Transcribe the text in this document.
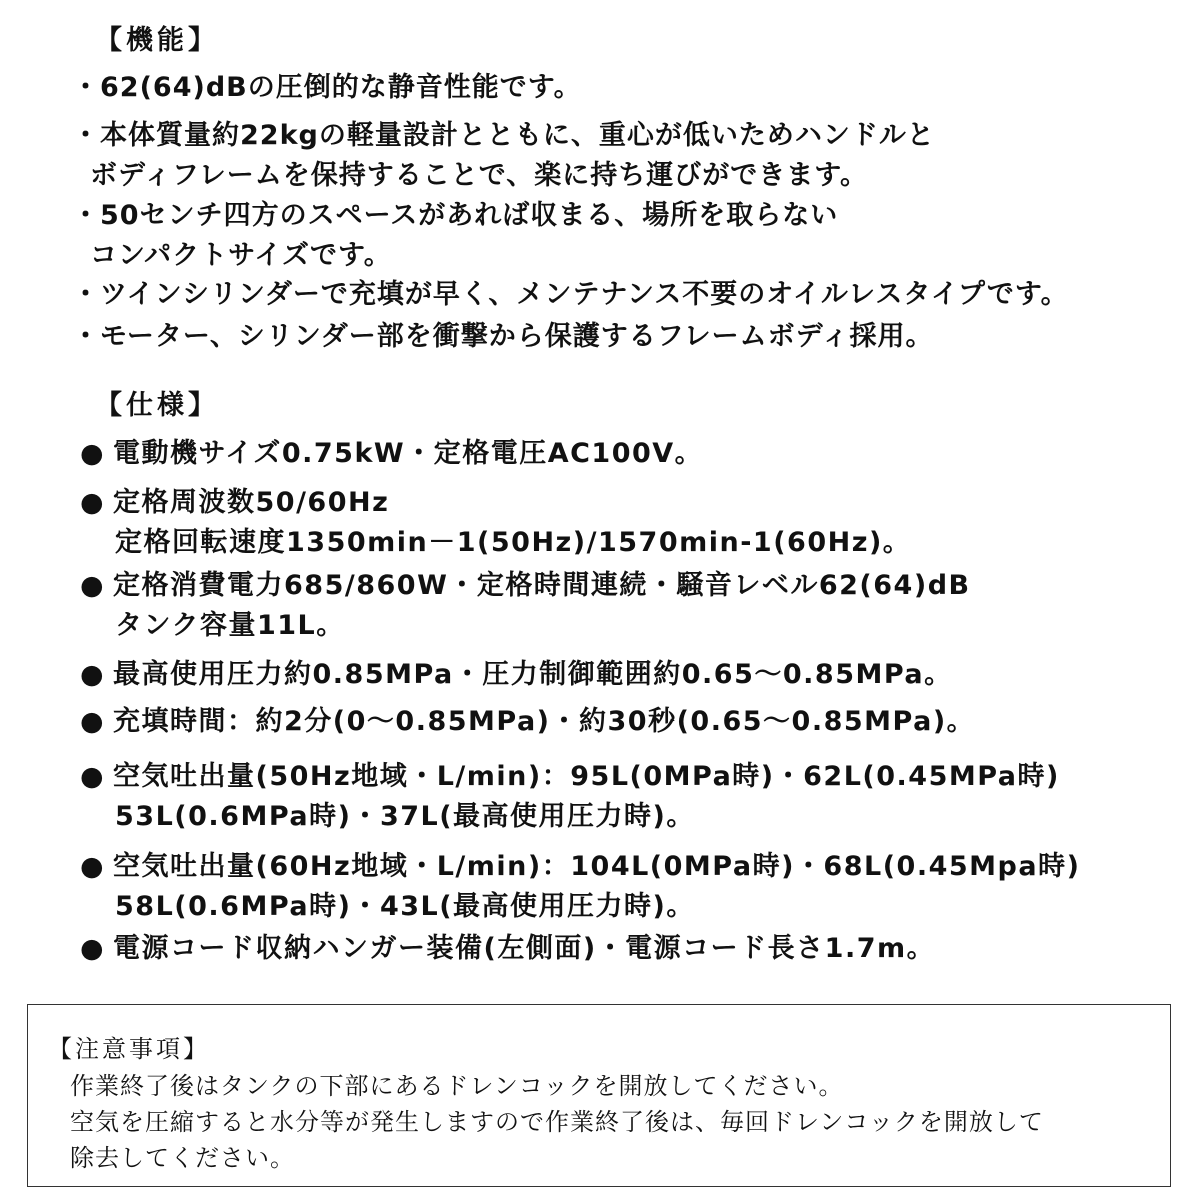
【機能】
・62(64)dBの圧倒的な静音性能です。
・本体質量約22kgの軽量設計とともに、重心が低いためハンドルと
ボディフレームを保持することで、楽に持ち運びができます。
・50センチ四方のスペースがあれば収まる、場所を取らない
コンパクトサイズです。
・ツインシリンダーで充填が早く、メンテナンス不要のオイルレスタイプです。
・モーター、シリンダー部を衝撃から保護するフレームボディ採用。
【仕様】
● 電動機サイズ0.75kW・定格電圧AC100V。
● 定格周波数50/60Hz
定格回転速度1350min－1(50Hz)/1570min-1(60Hz)。
● 定格消費電力685/860W・定格時間連続・騒音レベル62(64)dB
タンク容量11L。
● 最高使用圧力約0.85MPa・圧力制御範囲約0.65～0.85MPa。
● 充填時間：約2分(0～0.85MPa)・約30秒(0.65～0.85MPa)。
● 空気吐出量(50Hz地域・L/min)：95L(0MPa時)・62L(0.45MPa時)
53L(0.6MPa時)・37L(最高使用圧力時)。
● 空気吐出量(60Hz地域・L/min)：104L(0MPa時)・68L(0.45Mpa時)
58L(0.6MPa時)・43L(最高使用圧力時)。
● 電源コード収納ハンガー装備(左側面)・電源コード長さ1.7m。
【注意事項】
作業終了後はタンクの下部にあるドレンコックを開放してください。
空気を圧縮すると水分等が発生しますので作業終了後は、毎回ドレンコックを開放して
除去してください。
